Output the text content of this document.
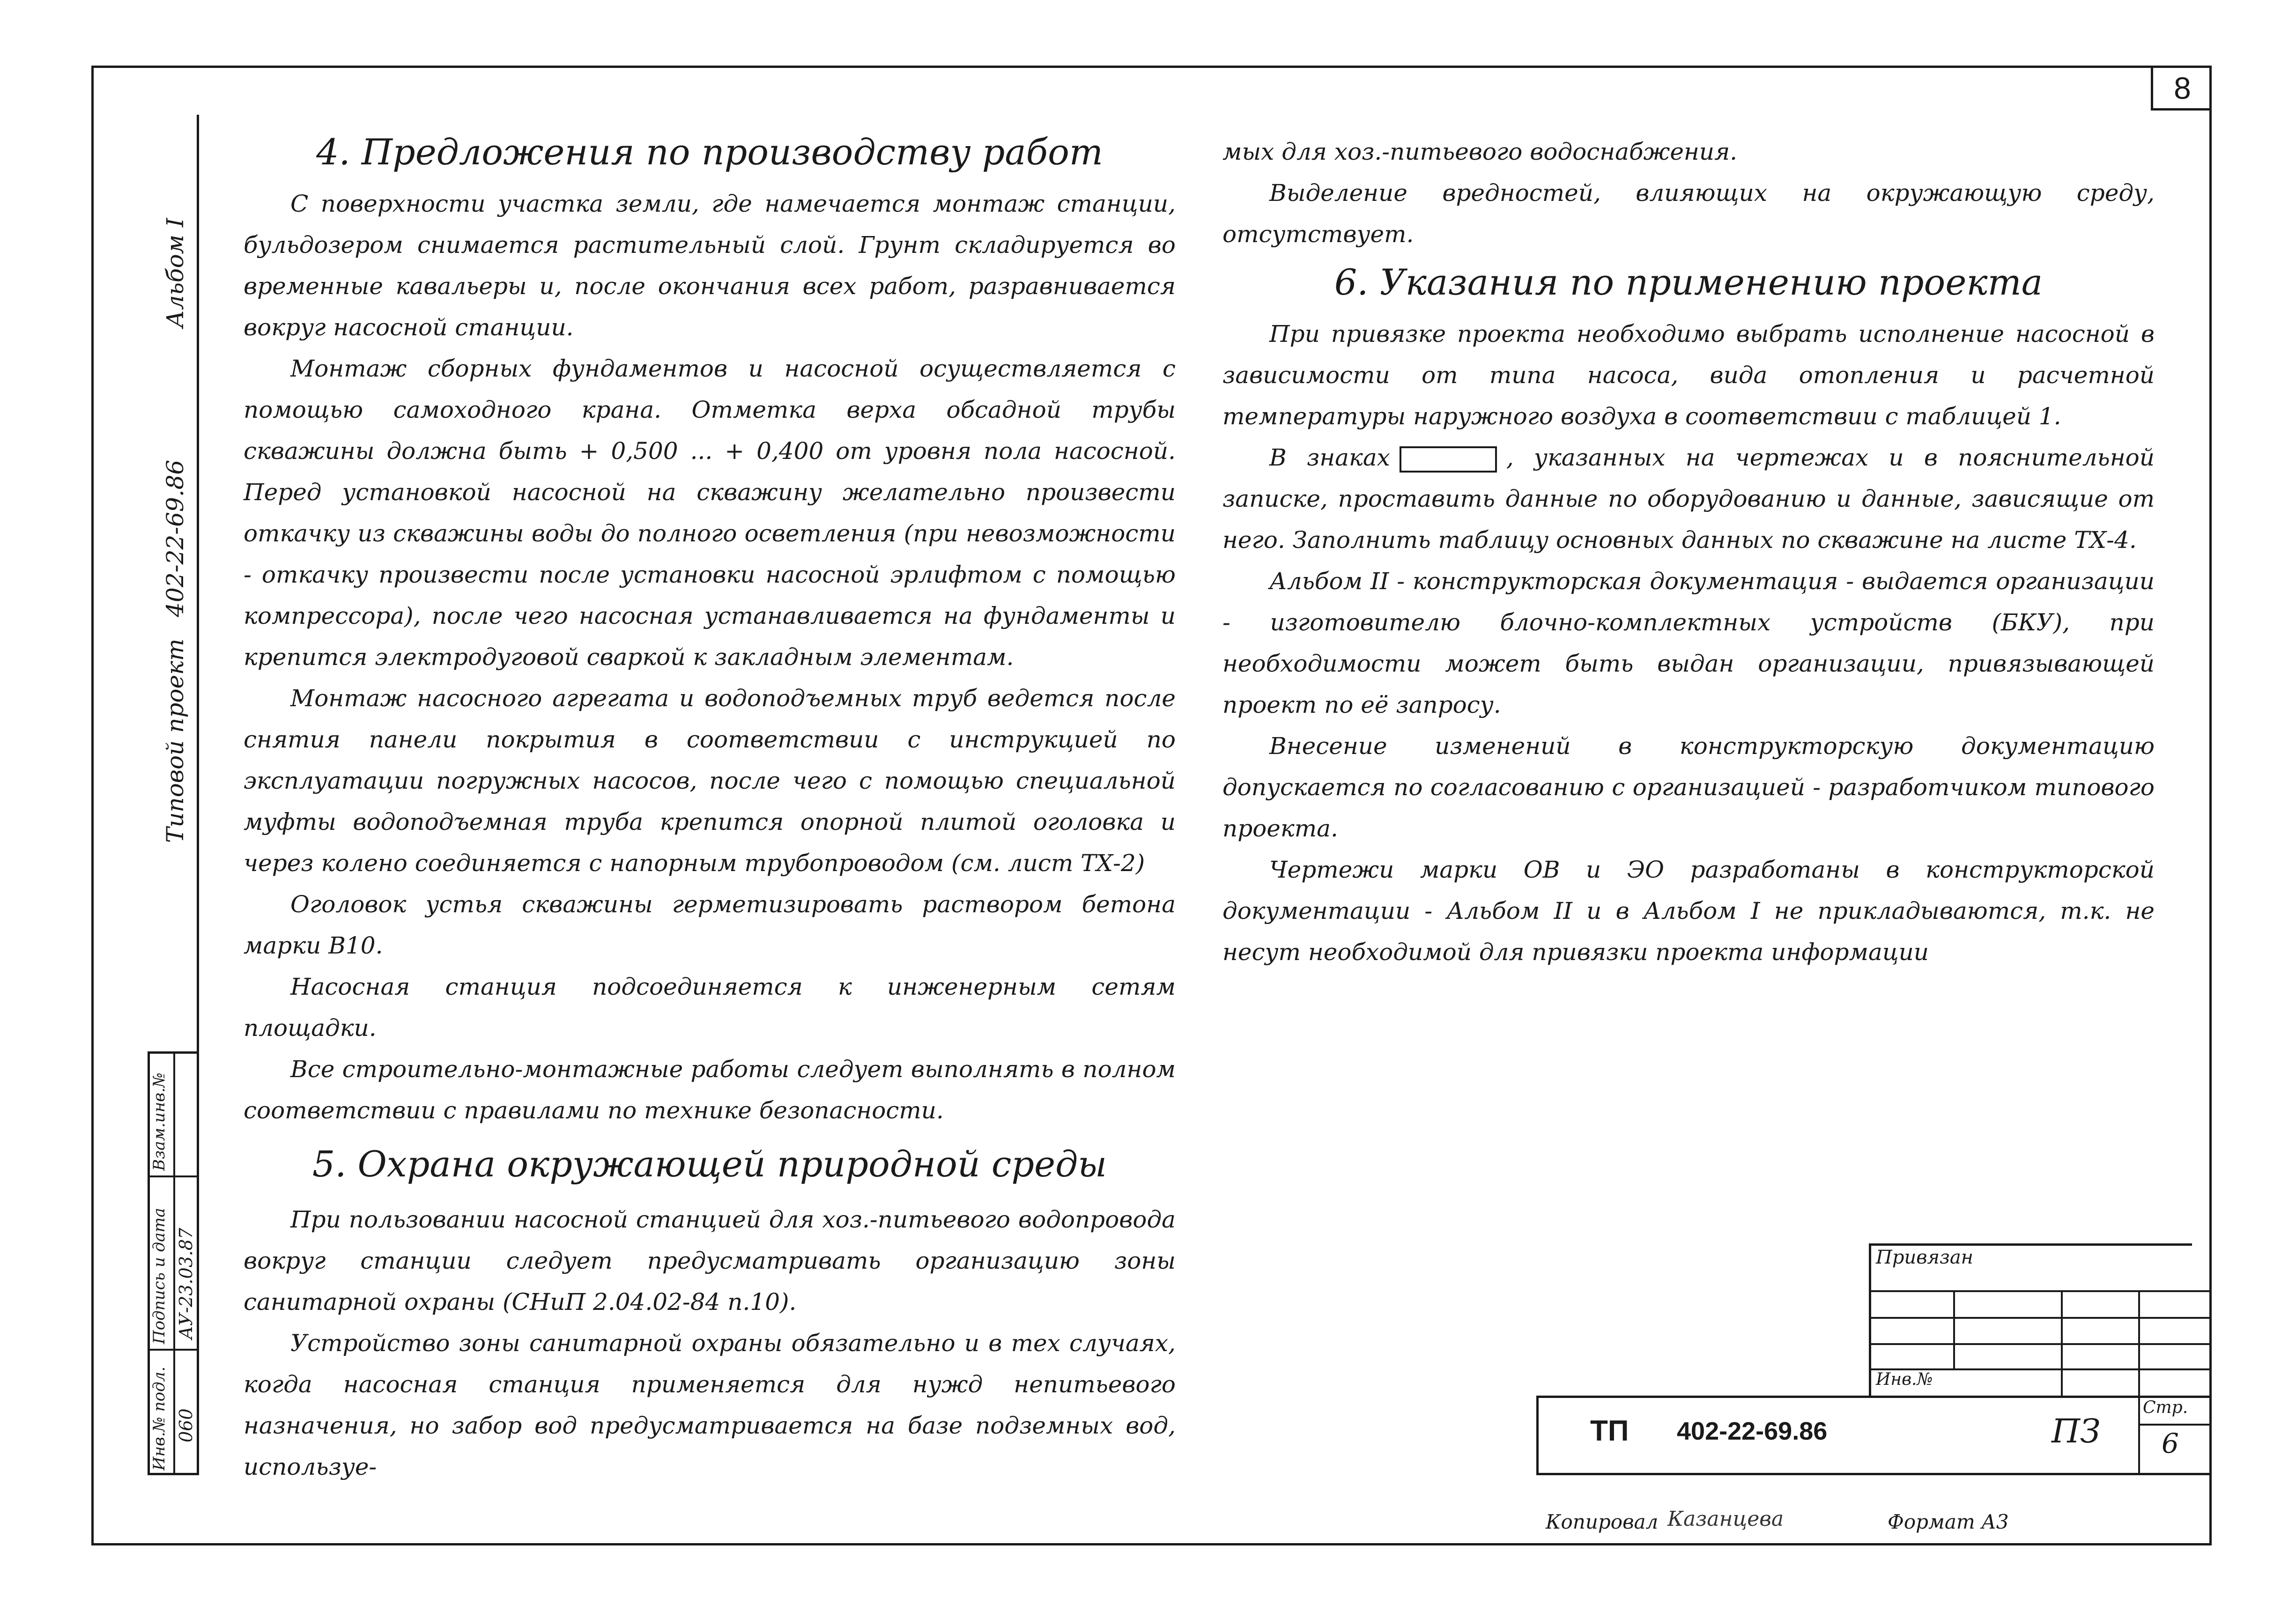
8
Альбом I
Типовой проект 402-22-69.86
Взам.инв.№
Подпись и дата АУ-23.03.87
Инв.№ подл. 060
4. Предложения по производству работ

С поверхности участка земли, где намечается монтаж станции, бульдозером снимается растительный слой. Грунт складируется во временные кавальеры и, после окончания всех работ, разравнивается вокруг насосной станции.

Монтаж сборных фундаментов и насосной осуществляется с помощью самоходного крана. Отметка верха обсадной трубы скважины должна быть + 0,500 ... + 0,400 от уровня пола насосной. Перед установкой насосной на скважину желательно произвести откачку из скважины воды до полного осветления (при невозможности - откачку произвести после установки насосной эрлифтом с помощью компрессора), после чего насосная устанавливается на фундаменты и крепится электродуговой сваркой к закладным элементам.

Монтаж насосного агрегата и водоподъемных труб ведется после снятия панели покрытия в соответствии с инструкцией по эксплуатации погружных насосов, после чего с помощью специальной муфты водоподъемная труба крепится опорной плитой оголовка и через колено соединяется с напорным трубопроводом (см. лист ТХ-2)

Оголовок устья скважины герметизировать раствором бетона марки В10.

Насосная станция подсоединяется к инженерным сетям площадки.

Все строительно-монтажные работы следует выполнять в полном соответствии с правилами по технике безопасности.

5. Охрана окружающей природной среды

При пользовании насосной станцией для хоз.-питьевого водопровода вокруг станции следует предусматривать организацию зоны санитарной охраны (СНиП 2.04.02-84 п.10).

Устройство зоны санитарной охраны обязательно и в тех случаях, когда насосная станция применяется для нужд непитьевого назначения, но забор вод предусматривается на базе подземных вод, используе-

мых для хоз.-питьевого водоснабжения.

Выделение вредностей, влияющих на окружающую среду, отсутствует.

6. Указания по применению проекта

При привязке проекта необходимо выбрать исполнение насосной в зависимости от типа насоса, вида отопления и расчетной температуры наружного воздуха в соответствии с таблицей 1.

В знаках	, указанных на чертежах и в пояснительной записке, проставить данные по оборудованию и данные, зависящие от него. Заполнить таблицу основных данных по скважине на листе ТХ-4.

Альбом II - конструкторская документация - выдается организации - изготовителю блочно-комплектных устройств (БКУ), при необходимости может быть выдан организации, привязывающей проект по её запросу.

Внесение изменений в конструкторскую документацию допускается по согласованию с организацией - разработчиком типового проекта.

Чертежи марки ОВ и ЭО разработаны в конструкторской документации - Альбом II и в Альбом I не прикладываются, т.к. не несут необходимой для привязки проекта информации

Привязан
Инв.№
ТП 402-22-69.86	ПЗ
Стр.
6
Копировал Казанцева	Формат А3
